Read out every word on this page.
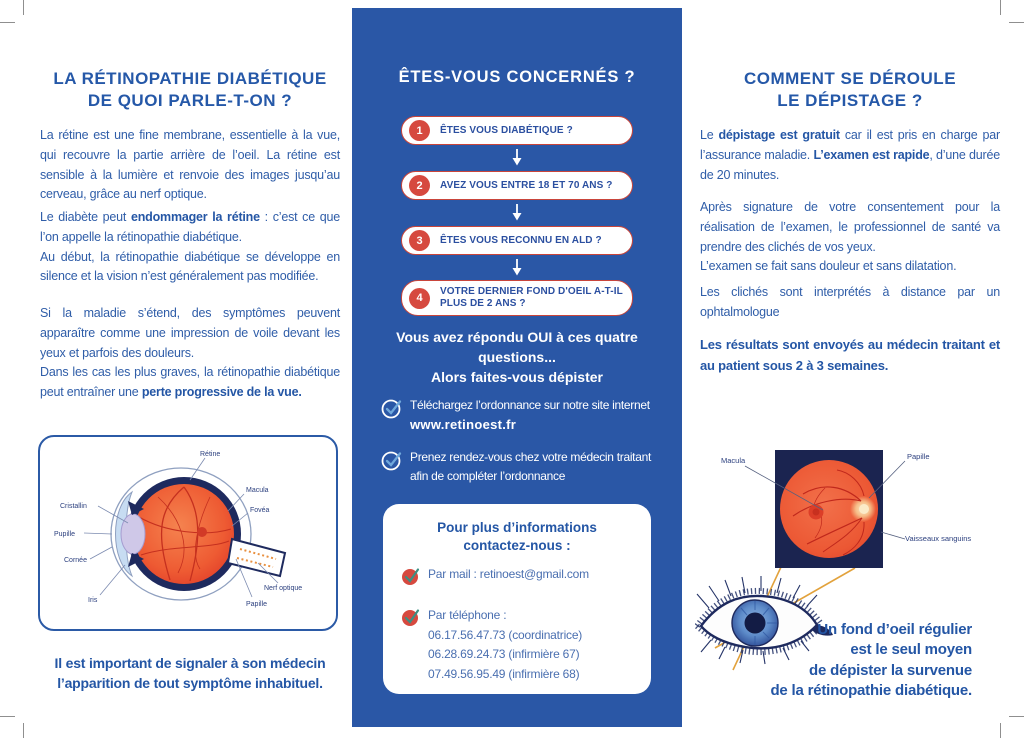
LA RÉTINOPATHIE DIABÉTIQUE
DE QUOI PARLE-T-ON ?

La rétine est une fine membrane, essentielle à la vue, qui recouvre la partie arrière de l’oeil. La rétine est sensible à la lumière et renvoie des images jusqu’au cerveau, grâce au nerf optique.

Le diabète peut endommager la rétine : c’est ce que l’on appelle la rétinopathie diabétique.
Au début, la rétinopathie diabétique se développe en silence et la vision n’est généralement pas modifiée.

Si la maladie s’étend, des symptômes peuvent apparaître comme une impression de voile devant les yeux et parfois des douleurs.
Dans les cas les plus graves, la rétinopathie diabétique peut entraîner une perte progressive de la vue.

Rétine
Macula
Fovéa
Cristallin
Pupille
Cornée
Iris
Nerf optique
Papille

Il est important de signaler à son médecin
l’apparition de tout symptôme inhabituel.

ÊTES-VOUS CONCERNÉS ?
1	ÊTES VOUS DIABÉTIQUE ?
2	AVEZ VOUS ENTRE 18 ET 70 ANS ?
3	ÊTES VOUS RECONNU EN ALD ?
4
VOTRE DERNIER FOND D'OEIL A-T-IL
PLUS DE 2 ANS ?
Vous avez répondu OUI à ces quatre
questions...
Alors faites-vous dépister
Téléchargez l’ordonnance sur notre site internet
www.retinoest.fr
Prenez rendez-vous chez votre médecin traitant
afin de compléter l’ordonnance
Pour plus d’informations
contactez-nous :
Par mail : retinoest@gmail.com
Par téléphone :
06.17.56.47.73 (coordinatrice)
06.28.69.24.73 (infirmière 67)
07.49.56.95.49 (infirmière 68)
COMMENT SE DÉROULE
LE DÉPISTAGE ?

Le dépistage est gratuit car il est pris en charge par l’assurance maladie. L’examen est rapide, d’une durée de 20 minutes.

Après signature de votre consentement pour la réalisation de l’examen, le professionnel de santé va prendre des clichés de vos yeux.
L’examen se fait sans douleur et sans dilatation.

Les clichés sont interprétés à distance par un ophtalmologue

Les résultats sont envoyés au médecin traitant et au patient sous 2 à 3 semaines.

Macula	Papille
Vaisseaux sanguins

Un fond d’oeil régulier
est le seul moyen
de dépister la survenue
de la rétinopathie diabétique.
